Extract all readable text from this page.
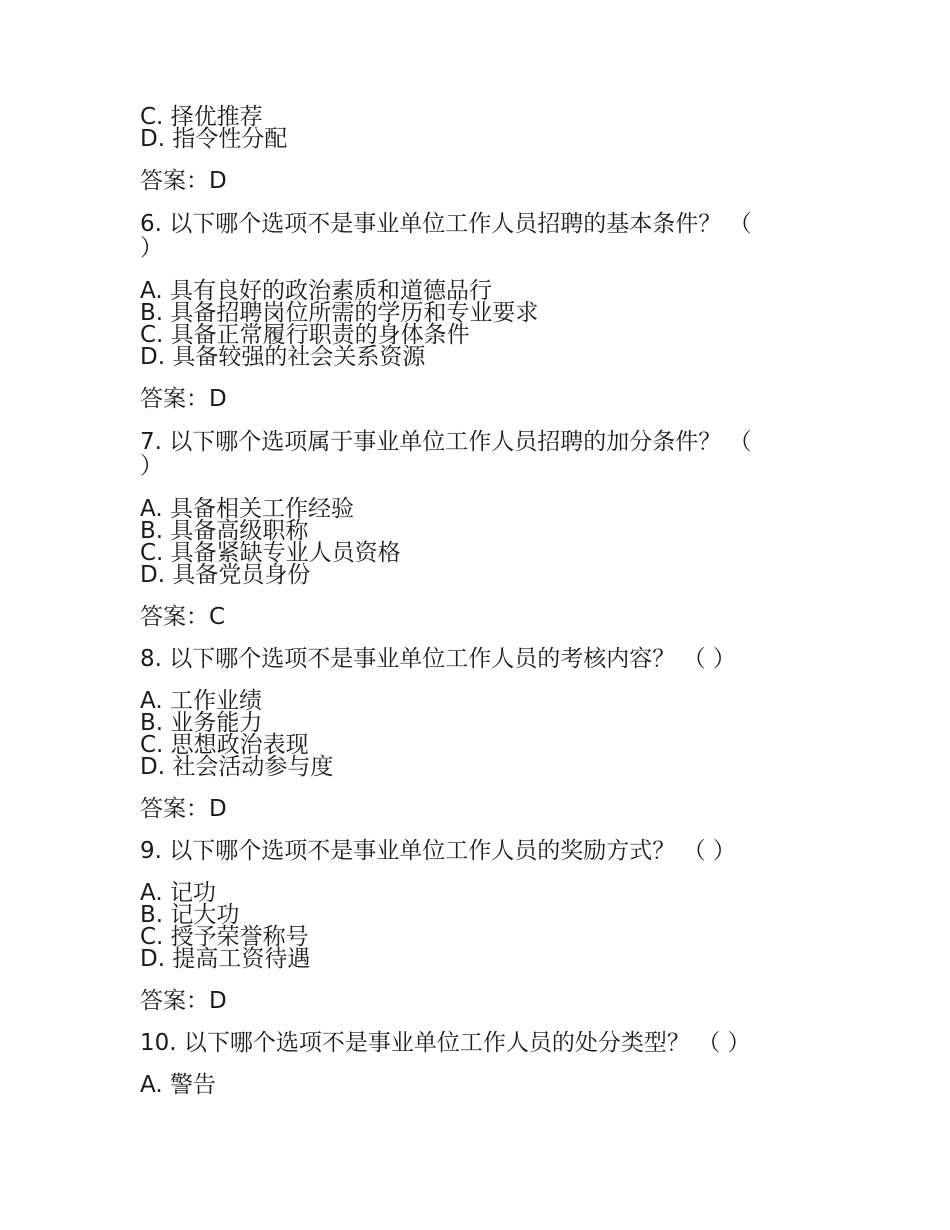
C. 择优推荐
D. 指令性分配
答案：D
6. 以下哪个选项不是事业单位工作人员招聘的基本条件？ （ ）
A. 具有良好的政治素质和道德品行
B. 具备招聘岗位所需的学历和专业要求
C. 具备正常履行职责的身体条件
D. 具备较强的社会关系资源
答案：D
7. 以下哪个选项属于事业单位工作人员招聘的加分条件？ （ ）
A. 具备相关工作经验
B. 具备高级职称
C. 具备紧缺专业人员资格
D. 具备党员身份
答案：C
8. 以下哪个选项不是事业单位工作人员的考核内容？ （ ）
A. 工作业绩
B. 业务能力
C. 思想政治表现
D. 社会活动参与度
答案：D
9. 以下哪个选项不是事业单位工作人员的奖励方式？ （ ）
A. 记功
B. 记大功
C. 授予荣誉称号
D. 提高工资待遇
答案：D
10. 以下哪个选项不是事业单位工作人员的处分类型？ （ ）
A. 警告
